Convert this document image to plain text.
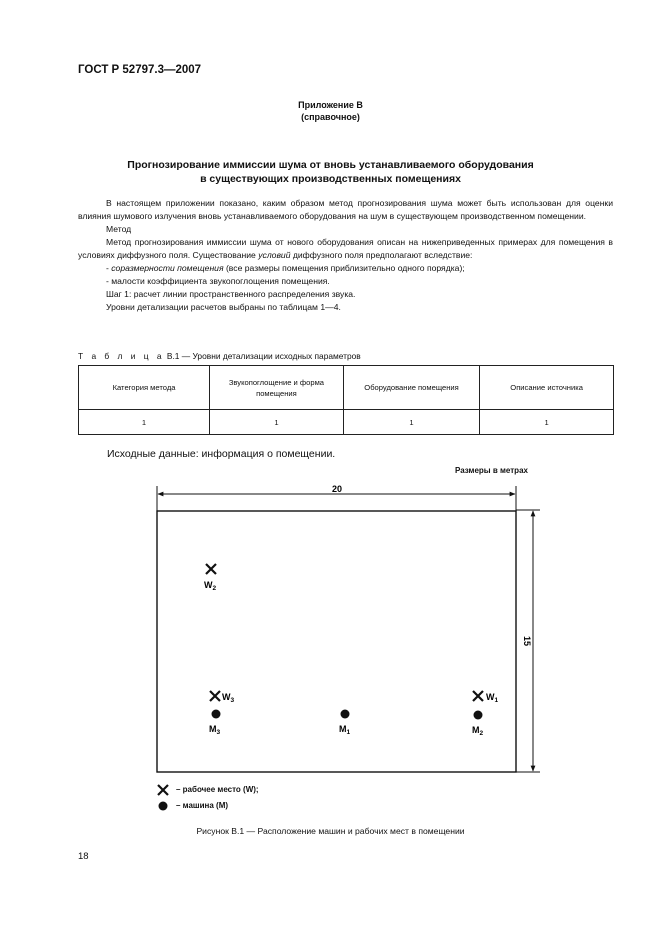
ГОСТ Р 52797.3—2007
Приложение В
(справочное)
Прогнозирование иммиссии шума от вновь устанавливаемого оборудования
в существующих производственных помещениях

В настоящем приложении показано, каким образом метод прогнозирования шума может быть использован для оценки влияния шумового излучения вновь устанавливаемого оборудования на шум в существующем производственном помещении.

Метод

Метод прогнозирования иммиссии шума от нового оборудования описан на нижеприведенных примерах для помещения в условиях диффузного поля. Существование условий диффузного поля предполагают вследствие:

- соразмерности помещения (все размеры помещения приблизительно одного порядка);

- малости коэффициента звукопоглощения помещения.

Шаг 1: расчет линии пространственного распределения звука.

Уровни детализации расчетов выбраны по таблицам 1—4.

Т а б л и ц а В.1 — Уровни детализации исходных параметров
Категория метода	Звукопоглощение и форма помещения	Оборудование помещения	Описание источника
1	1	1	1
Исходные данные: информация о помещении.
Размеры в метрах
20
15
$W_2$
$W_3$	$W_1$
$M_3$	$M_1$	$M_2$
– рабочее место (W);
– машина (M)
Рисунок В.1 — Расположение машин и рабочих мест в помещении
18
